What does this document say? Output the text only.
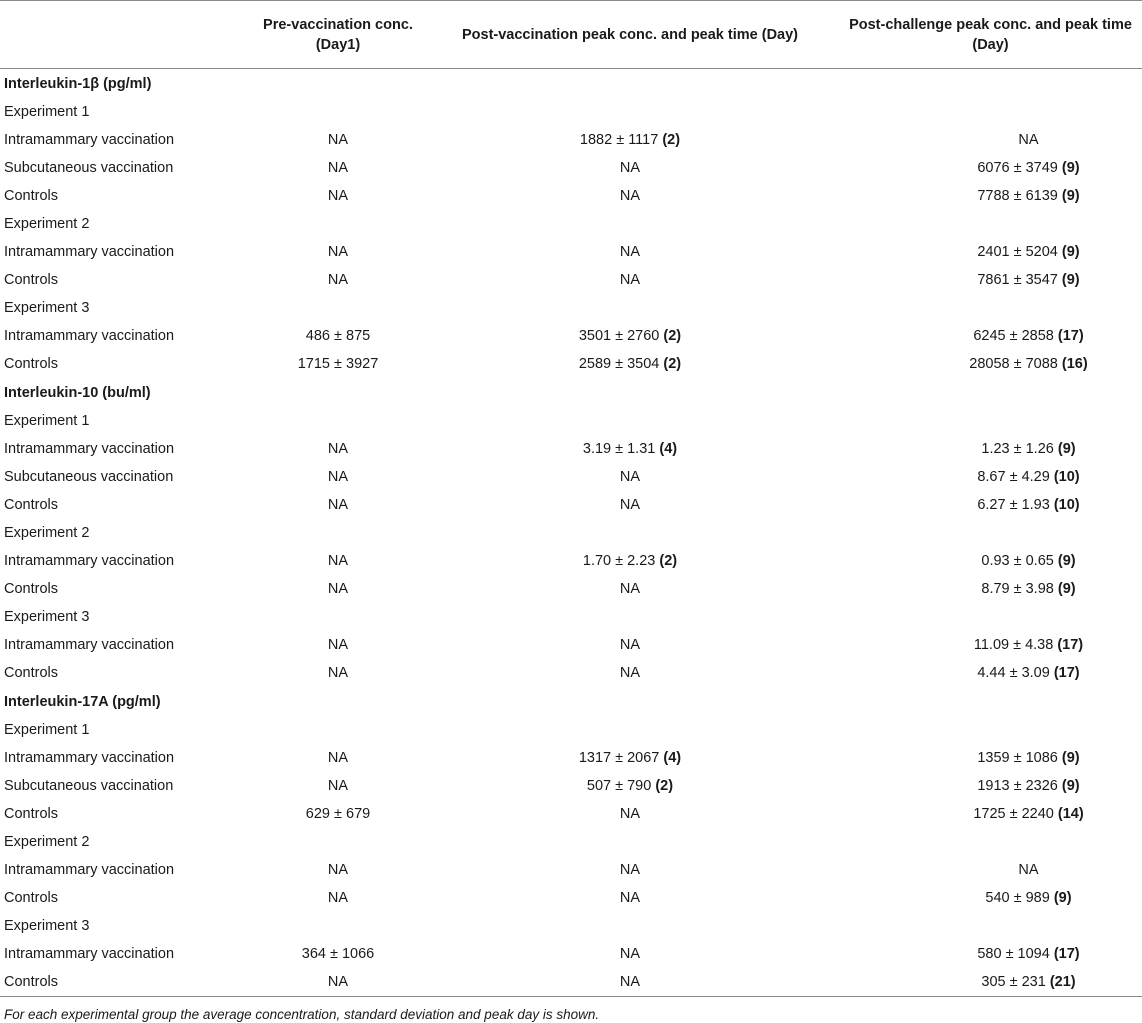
	Pre-vaccination conc. (Day1)	Post-vaccination peak conc. and peak time (Day)	Post-challenge peak conc. and peak time (Day)
Interleukin-1β (pg/ml)			
Experiment 1			
Intramammary vaccination	NA	1882 ± 1117 (2)	NA
Subcutaneous vaccination	NA	NA	6076 ± 3749 (9)
Controls	NA	NA	7788 ± 6139 (9)
Experiment 2			
Intramammary vaccination	NA	NA	2401 ± 5204 (9)
Controls	NA	NA	7861 ± 3547 (9)
Experiment 3			
Intramammary vaccination	486 ± 875	3501 ± 2760 (2)	6245 ± 2858 (17)
Controls	1715 ± 3927	2589 ± 3504 (2)	28058 ± 7088 (16)
Interleukin-10 (bu/ml)			
Experiment 1			
Intramammary vaccination	NA	3.19 ± 1.31 (4)	1.23 ± 1.26 (9)
Subcutaneous vaccination	NA	NA	8.67 ± 4.29 (10)
Controls	NA	NA	6.27 ± 1.93 (10)
Experiment 2			
Intramammary vaccination	NA	1.70 ± 2.23 (2)	0.93 ± 0.65 (9)
Controls	NA	NA	8.79 ± 3.98 (9)
Experiment 3			
Intramammary vaccination	NA	NA	11.09 ± 4.38 (17)
Controls	NA	NA	4.44 ± 3.09 (17)
Interleukin-17A (pg/ml)			
Experiment 1			
Intramammary vaccination	NA	1317 ± 2067 (4)	1359 ± 1086 (9)
Subcutaneous vaccination	NA	507 ± 790 (2)	1913 ± 2326 (9)
Controls	629 ± 679	NA	1725 ± 2240 (14)
Experiment 2			
Intramammary vaccination	NA	NA	NA
Controls	NA	NA	540 ± 989 (9)
Experiment 3			
Intramammary vaccination	364 ± 1066	NA	580 ± 1094 (17)
Controls	NA	NA	305 ± 231 (21)
For each experimental group the average concentration, standard deviation and peak day is shown.
